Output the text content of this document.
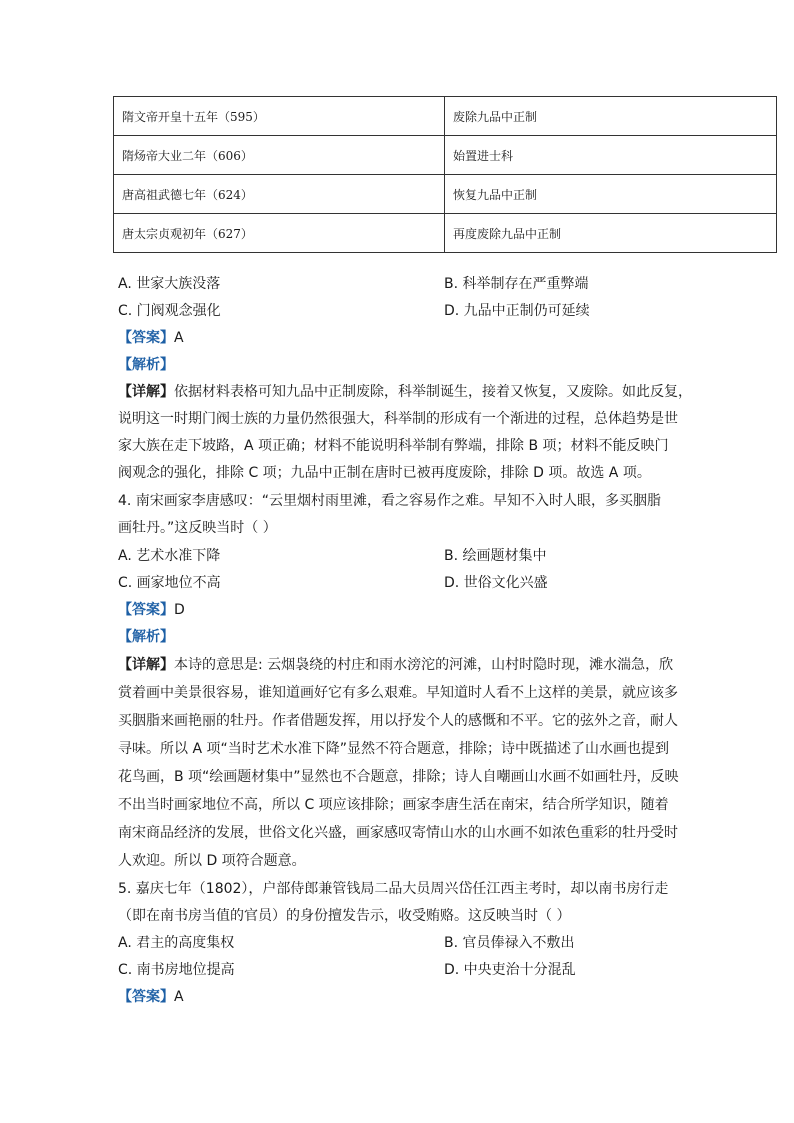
隋文帝开皇十五年（595）	废除九品中正制
隋炀帝大业二年（606）	始置进士科
唐高祖武德七年（624）	恢复九品中正制
唐太宗贞观初年（627）	再度废除九品中正制
A. 世家大族没落	B. 科举制存在严重弊端
C. 门阀观念强化	D. 九品中正制仍可延续
【答案】A
【解析】
【详解】依据材料表格可知九品中正制废除，科举制诞生，接着又恢复，又废除。如此反复，
说明这一时期门阀士族的力量仍然很强大，科举制的形成有一个渐进的过程，总体趋势是世
家大族在走下坡路，A 项正确；材料不能说明科举制有弊端，排除 B 项；材料不能反映门
阀观念的强化，排除 C 项；九品中正制在唐时已被再度废除，排除 D 项。故选 A 项。
4. 南宋画家李唐感叹：“云里烟村雨里滩，看之容易作之难。早知不入时人眼，多买胭脂
画牡丹。”这反映当时（ ）
A. 艺术水准下降	B. 绘画题材集中
C. 画家地位不高	D. 世俗文化兴盛
【答案】D
【解析】
【详解】本诗的意思是: 云烟袅绕的村庄和雨水滂沱的河滩，山村时隐时现，滩水湍急，欣
赏着画中美景很容易，谁知道画好它有多么艰难。早知道时人看不上这样的美景，就应该多
买胭脂来画艳丽的牡丹。作者借题发挥，用以抒发个人的感慨和不平。它的弦外之音，耐人
寻味。所以 A 项“当时艺术水准下降”显然不符合题意，排除；诗中既描述了山水画也提到
花鸟画，B 项“绘画题材集中”显然也不合题意，排除；诗人自嘲画山水画不如画牡丹，反映
不出当时画家地位不高，所以 C 项应该排除；画家李唐生活在南宋，结合所学知识，随着
南宋商品经济的发展，世俗文化兴盛，画家感叹寄情山水的山水画不如浓色重彩的牡丹受时
人欢迎。所以 D 项符合题意。
5. 嘉庆七年（1802），户部侍郎兼管钱局二品大员周兴岱任江西主考时，却以南书房行走
（即在南书房当值的官员）的身份擅发告示，收受贿赂。这反映当时（ ）
A. 君主的高度集权	B. 官员俸禄入不敷出
C. 南书房地位提高	D. 中央吏治十分混乱
【答案】A
